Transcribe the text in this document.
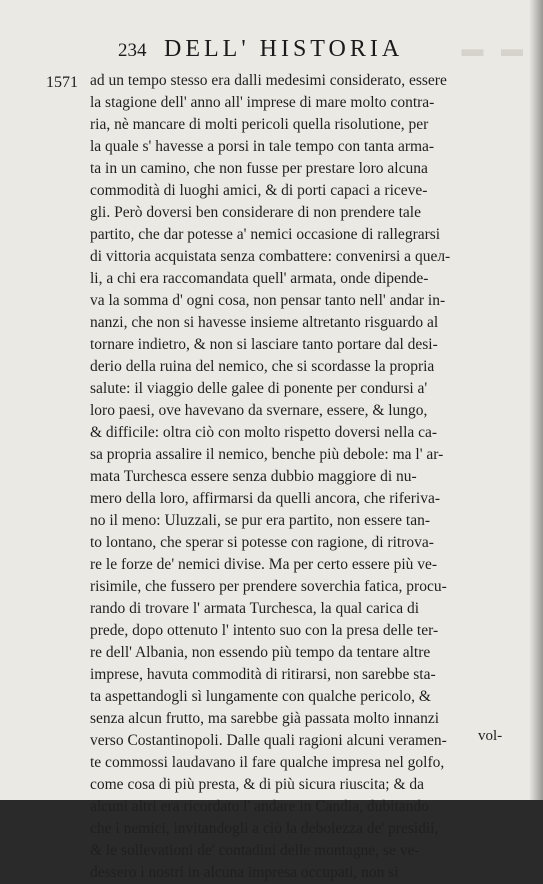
▬ ▬
234 DELL' HISTORIA
1571 ad un tempo stesso era dalli medesimi considerato, essere
la stagione dell' anno all' imprese di mare molto contra-
ria, nè mancare di molti pericoli quella risolutione, per
la quale s' havesse a porsi in tale tempo con tanta arma-
ta in un camino, che non fusse per prestare loro alcuna
commodità di luoghi amici, & di porti capaci a riceve-
gli. Però doversi ben considerare di non prendere tale
partito, che dar potesse a' nemici occasione di rallegrarsi
di vittoria acquistata senza combattere: convenirsi a queл-
li, a chi era raccomandata quell' armata, onde dipende-
va la somma d' ogni cosa, non pensar tanto nell' andar in-
nanzi, che non si havesse insieme altretanto risguardo al
tornare indietro, & non si lasciare tanto portare dal desi-
derio della ruina del nemico, che si scordasse la propria
salute: il viaggio delle galee di ponente per condursi a'
loro paesi, ove havevano da svernare, essere, & lungo,
& difficile: oltra ciò con molto rispetto doversi nella ca-
sa propria assalire il nemico, benche più debole: ma l' ar-
mata Turchesca essere senza dubbio maggiore di nu-
mero della loro, affirmarsi da quelli ancora, che riferiva-
no il meno: Uluzzali, se pur era partito, non essere tan-
to lontano, che sperar si potesse con ragione, di ritrova-
re le forze de' nemici divise. Ma per certo essere più ve-
risimile, che fussero per prendere soverchia fatica, procu-
rando di trovare l' armata Turchesca, la qual carica di
prede, dopo ottenuto l' intento suo con la presa delle ter-
re dell' Albania, non essendo più tempo da tentare altre
imprese, havuta commodità di ritirarsi, non sarebbe sta-
ta aspettandogli sì lungamente con qualche pericolo, &
senza alcun frutto, ma sarebbe già passata molto innanzi
verso Costantinopoli. Dalle quali ragioni alcuni veramen-
te commossi laudavano il fare qualche impresa nel golfo,
come cosa di più presta, & di più sicura riuscita; & da
alcuni altri era ricordato l' andare in Candia, dubitando
che i nemici, invitandogli a ciò la debolezza de' presidii,
& le sollevationi de' contadini delle montagne, se ve-
dessero i nostri in alcuna impresa occupati, non si
vol-
